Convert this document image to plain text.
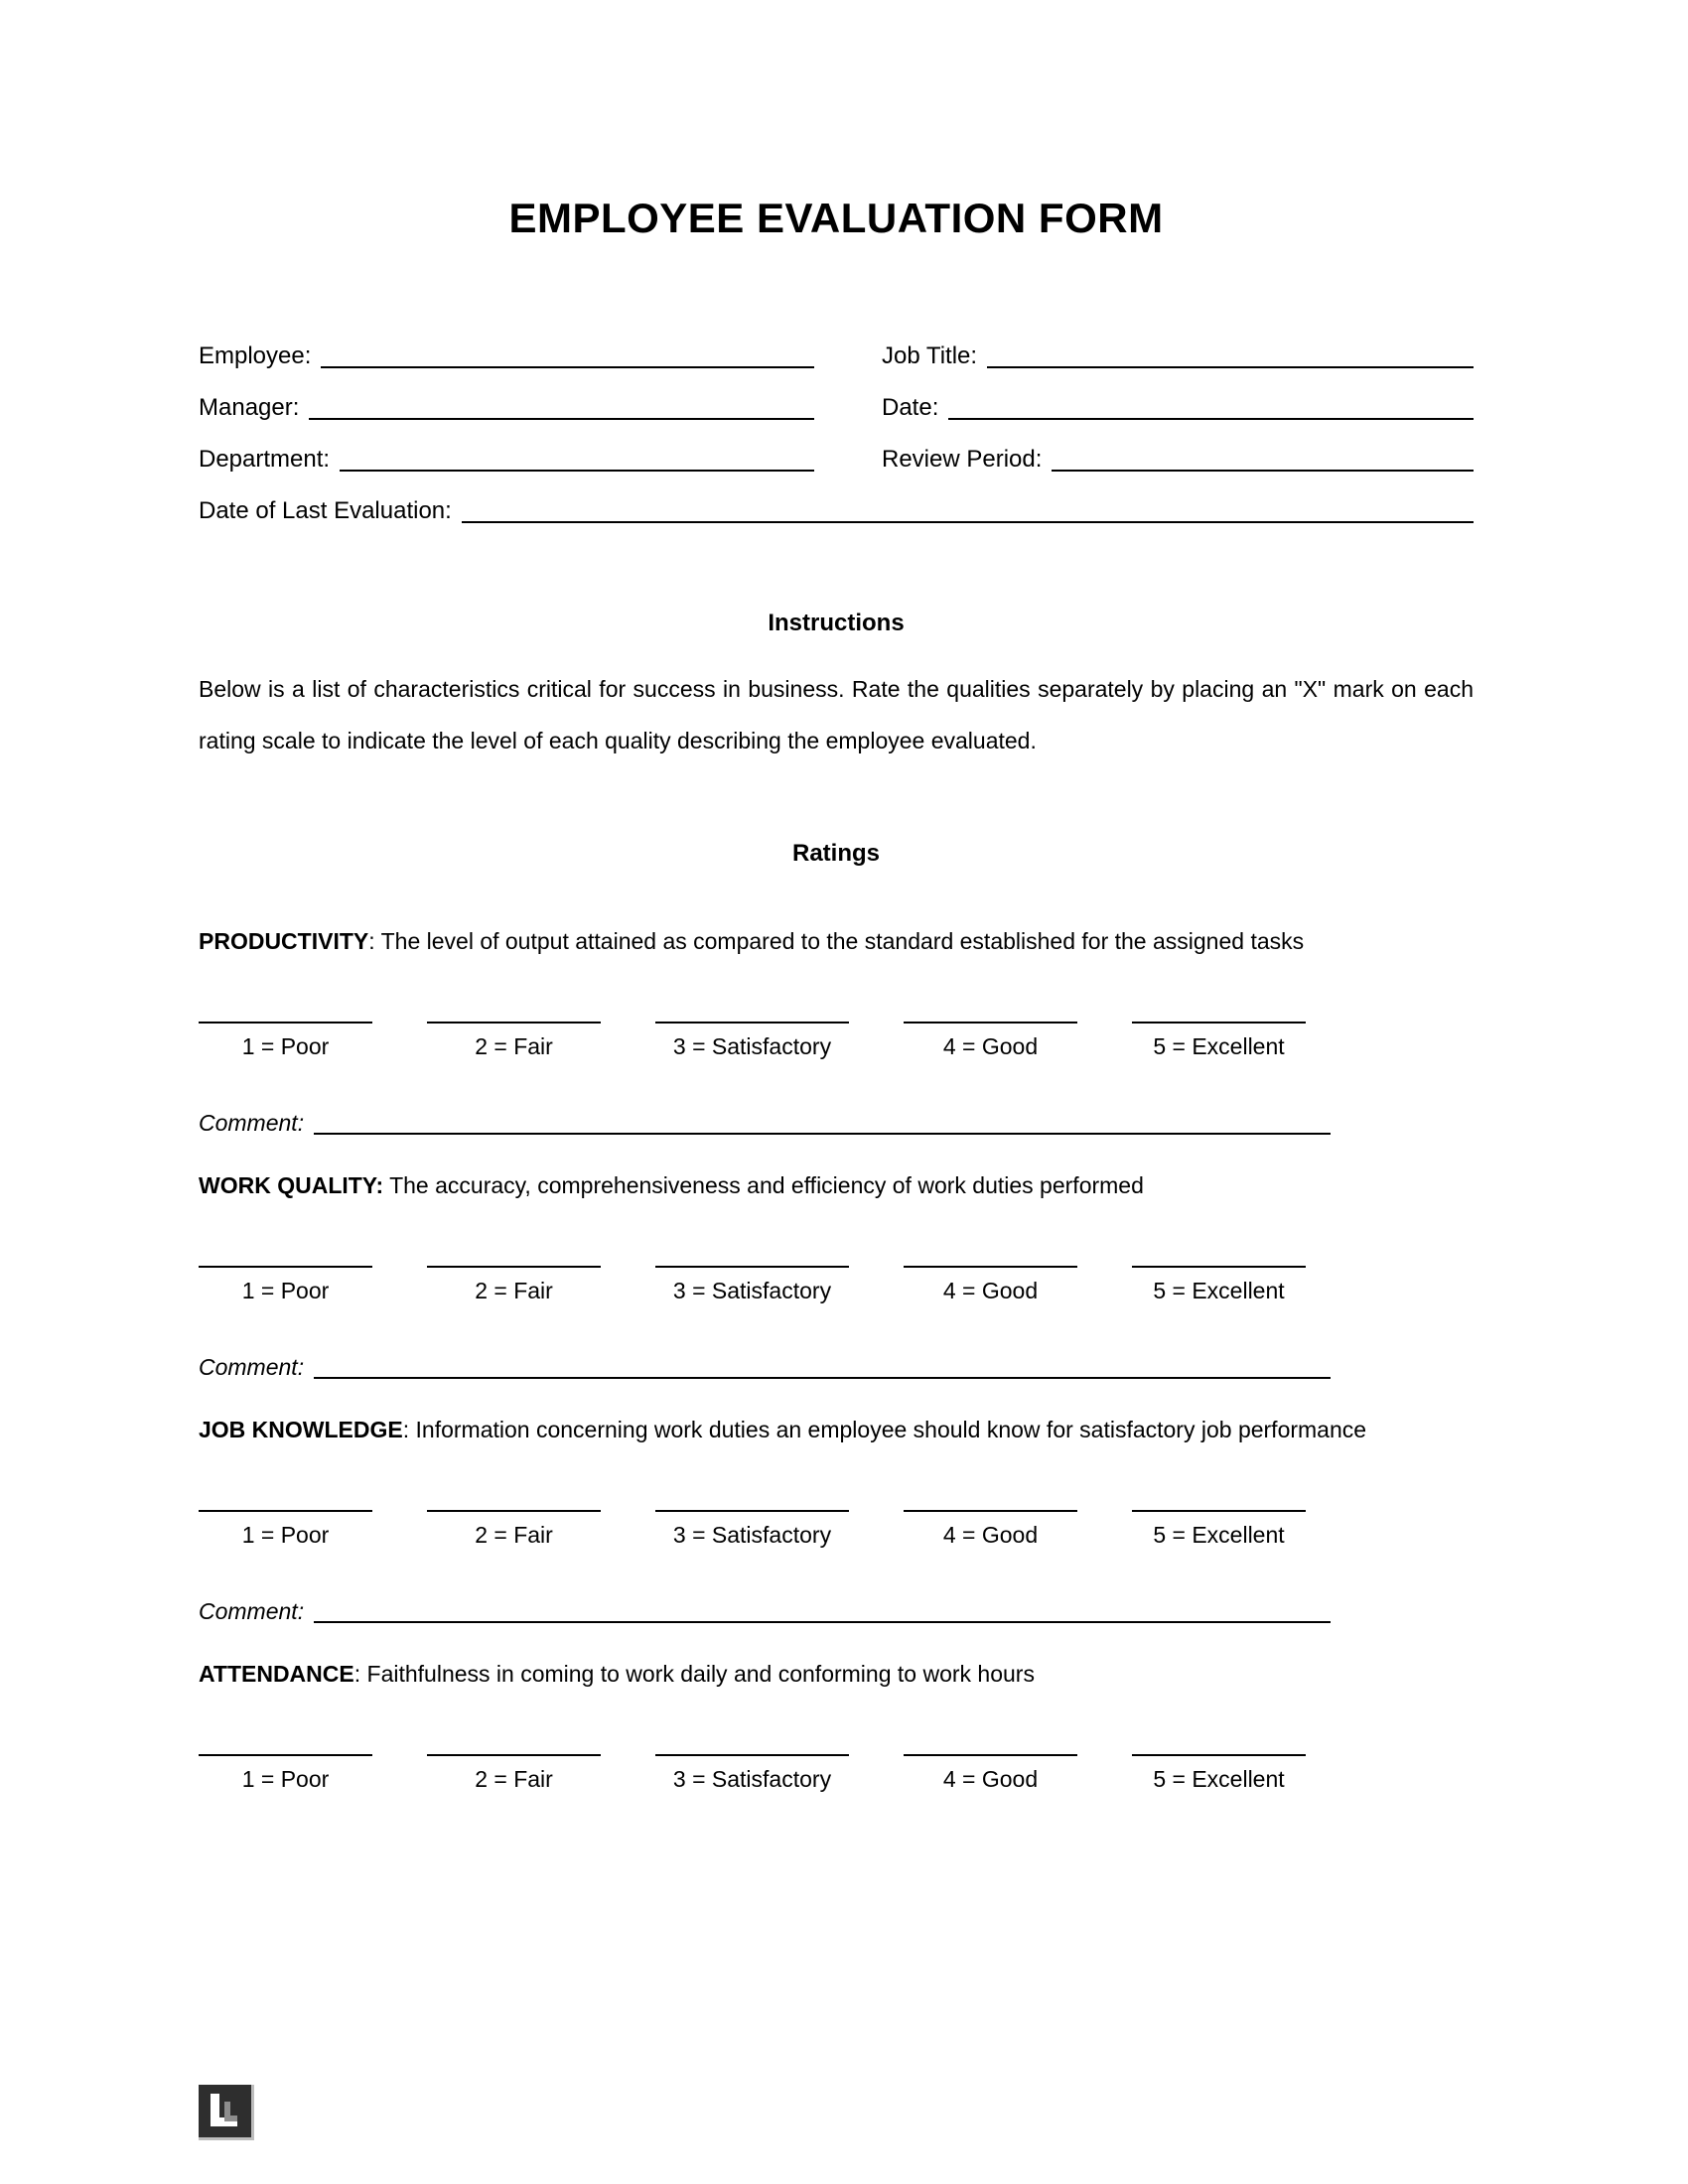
EMPLOYEE EVALUATION FORM
Employee:	Job Title:
Manager:	Date:
Department:	Review Period:
Date of Last Evaluation:
Instructions

Below is a list of characteristics critical for success in business. Rate the qualities separately by placing an "X" mark on each rating scale to indicate the level of each quality describing the employee evaluated.

Ratings
PRODUCTIVITY: The level of output attained as compared to the standard established for the assigned tasks
1 = Poor	2 = Fair	3 = Satisfactory	4 = Good	5 = Excellent
Comment:
WORK QUALITY: The accuracy, comprehensiveness and efficiency of work duties performed
1 = Poor	2 = Fair	3 = Satisfactory	4 = Good	5 = Excellent
Comment:
JOB KNOWLEDGE: Information concerning work duties an employee should know for satisfactory job performance
1 = Poor	2 = Fair	3 = Satisfactory	4 = Good	5 = Excellent
Comment:
ATTENDANCE: Faithfulness in coming to work daily and conforming to work hours
1 = Poor	2 = Fair	3 = Satisfactory	4 = Good	5 = Excellent
